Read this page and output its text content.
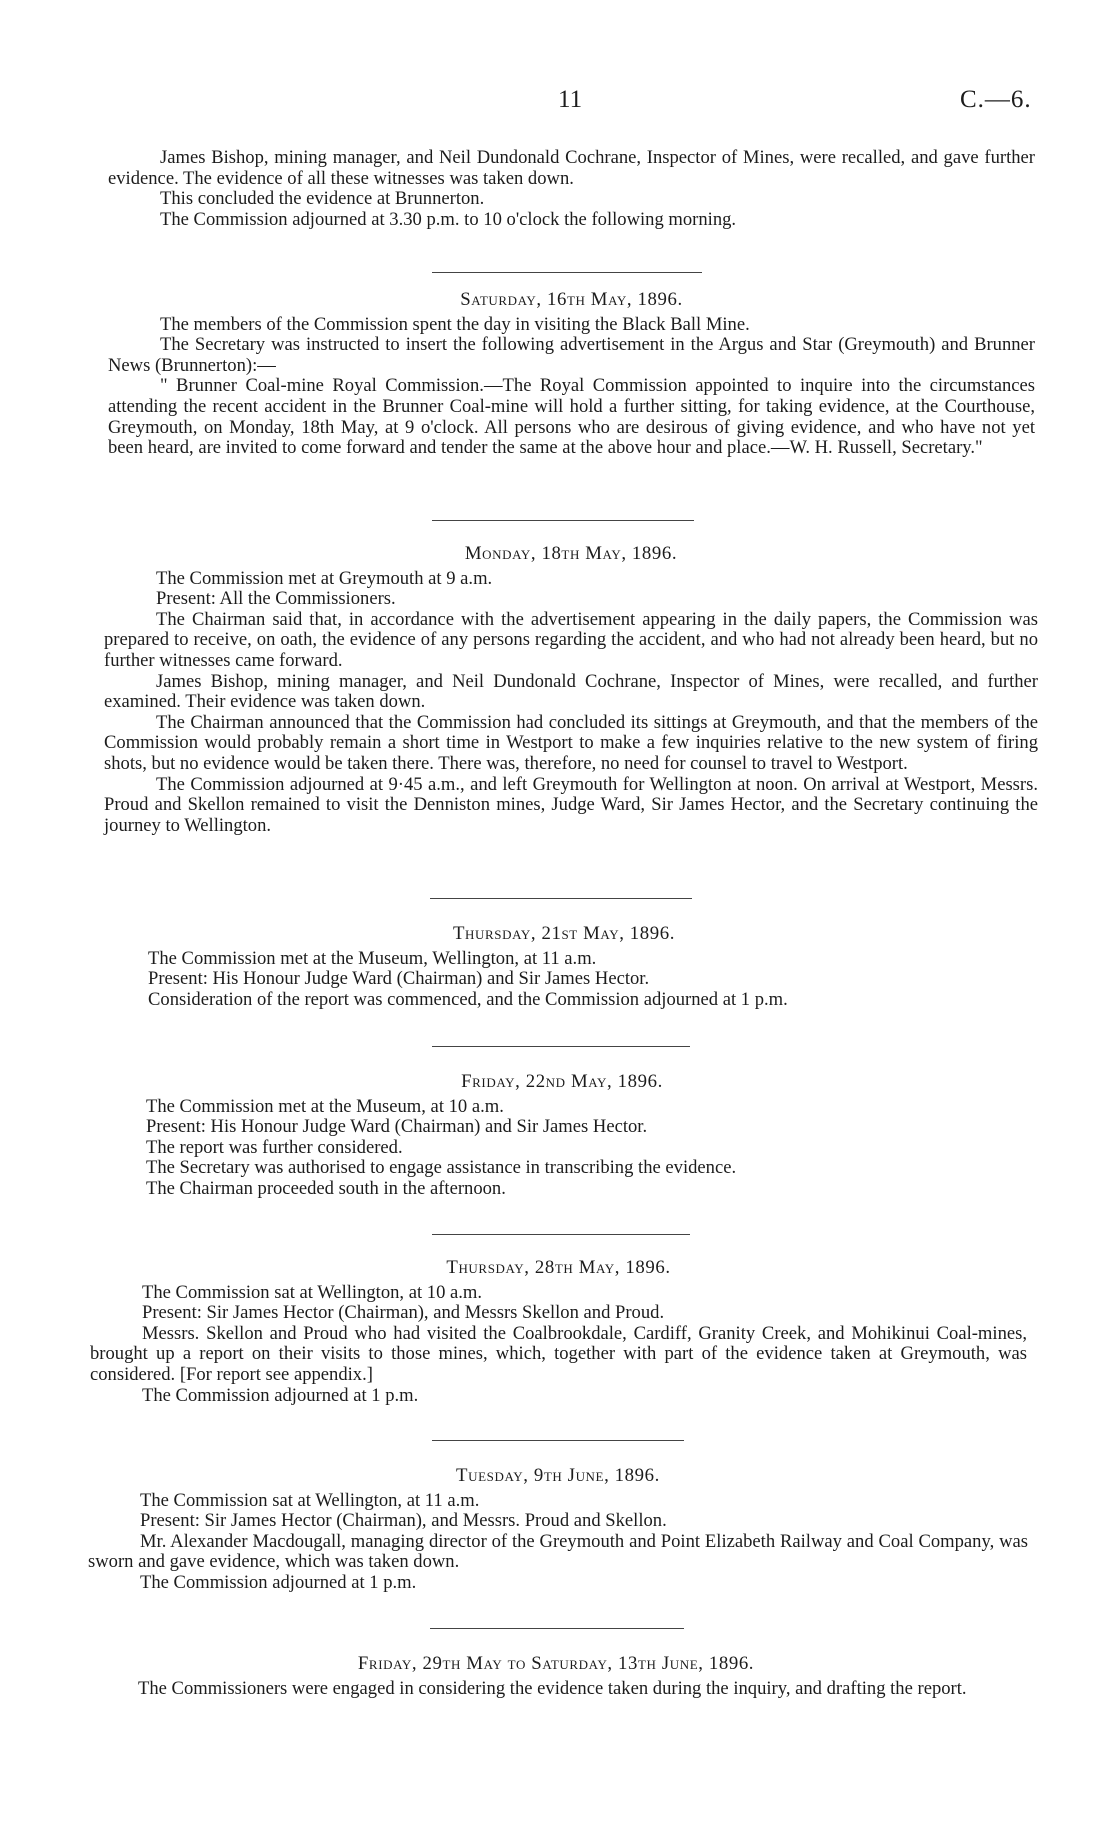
11	C.—6.

James Bishop, mining manager, and Neil Dundonald Cochrane, Inspector of Mines, were recalled, and gave further evidence. The evidence of all these witnesses was taken down.

This concluded the evidence at Brunnerton.

The Commission adjourned at 3.30 p.m. to 10 o'clock the following morning.

Saturday, 16th May, 1896.

The members of the Commission spent the day in visiting the Black Ball Mine.

The Secretary was instructed to insert the following advertisement in the Argus and Star (Greymouth) and Brunner News (Brunnerton):—

" Brunner Coal-mine Royal Commission.—The Royal Commission appointed to inquire into the circumstances attending the recent accident in the Brunner Coal-mine will hold a further sitting, for taking evidence, at the Courthouse, Greymouth, on Monday, 18th May, at 9 o'clock. All persons who are desirous of giving evidence, and who have not yet been heard, are invited to come forward and tender the same at the above hour and place.—W. H. Russell, Secretary."

Monday, 18th May, 1896.

The Commission met at Greymouth at 9 a.m.

Present: All the Commissioners.

The Chairman said that, in accordance with the advertisement appearing in the daily papers, the Commission was prepared to receive, on oath, the evidence of any persons regarding the accident, and who had not already been heard, but no further witnesses came forward.

James Bishop, mining manager, and Neil Dundonald Cochrane, Inspector of Mines, were recalled, and further examined. Their evidence was taken down.

The Chairman announced that the Commission had concluded its sittings at Greymouth, and that the members of the Commission would probably remain a short time in Westport to make a few inquiries relative to the new system of firing shots, but no evidence would be taken there. There was, therefore, no need for counsel to travel to Westport.

The Commission adjourned at 9·45 a.m., and left Greymouth for Wellington at noon. On arrival at Westport, Messrs. Proud and Skellon remained to visit the Denniston mines, Judge Ward, Sir James Hector, and the Secretary continuing the journey to Wellington.

Thursday, 21st May, 1896.

The Commission met at the Museum, Wellington, at 11 a.m.

Present: His Honour Judge Ward (Chairman) and Sir James Hector.

Consideration of the report was commenced, and the Commission adjourned at 1 p.m.

Friday, 22nd May, 1896.

The Commission met at the Museum, at 10 a.m.

Present: His Honour Judge Ward (Chairman) and Sir James Hector.

The report was further considered.

The Secretary was authorised to engage assistance in transcribing the evidence.

The Chairman proceeded south in the afternoon.

Thursday, 28th May, 1896.

The Commission sat at Wellington, at 10 a.m.

Present: Sir James Hector (Chairman), and Messrs Skellon and Proud.

Messrs. Skellon and Proud who had visited the Coalbrookdale, Cardiff, Granity Creek, and Mohikinui Coal-mines, brought up a report on their visits to those mines, which, together with part of the evidence taken at Greymouth, was considered. [For report see appendix.]

The Commission adjourned at 1 p.m.

Tuesday, 9th June, 1896.

The Commission sat at Wellington, at 11 a.m.

Present: Sir James Hector (Chairman), and Messrs. Proud and Skellon.

Mr. Alexander Macdougall, managing director of the Greymouth and Point Elizabeth Railway and Coal Company, was sworn and gave evidence, which was taken down.

The Commission adjourned at 1 p.m.

Friday, 29th May to Saturday, 13th June, 1896.

The Commissioners were engaged in considering the evidence taken during the inquiry, and drafting the report.
